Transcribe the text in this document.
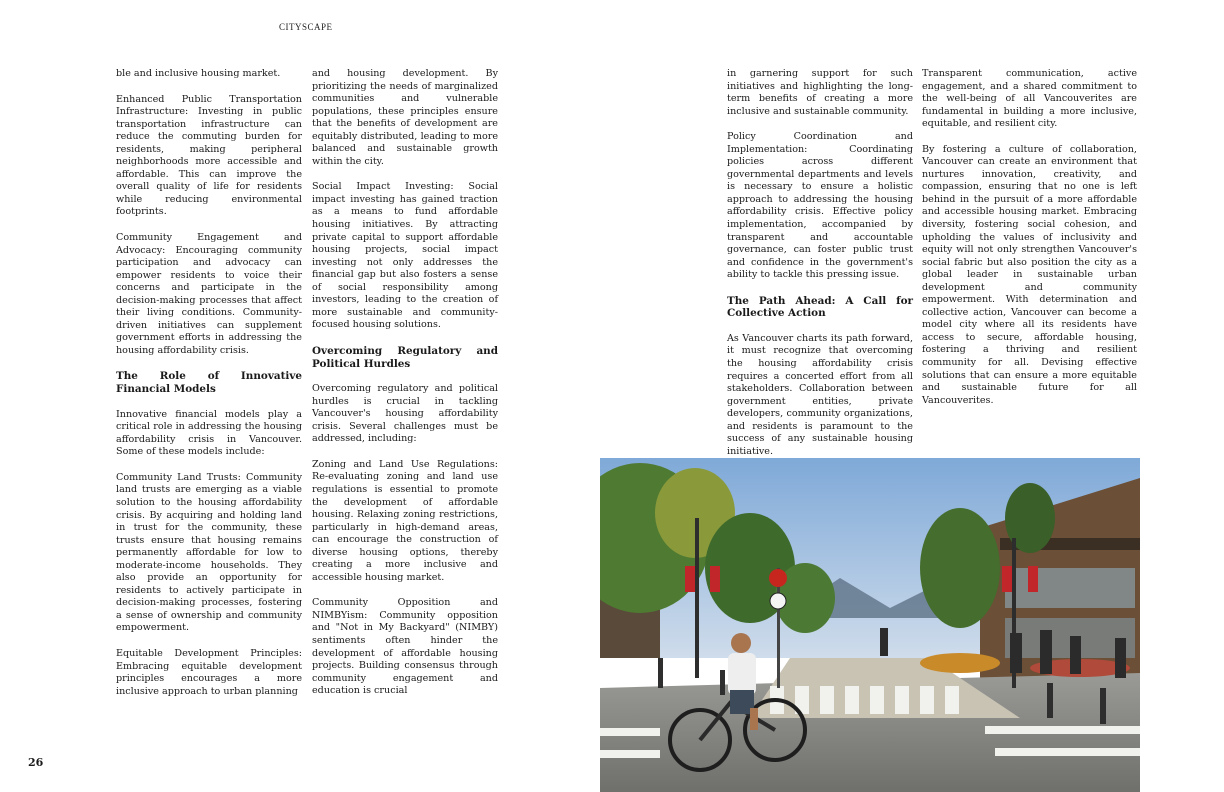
CITYSCAPE

ble and inclusive housing market.

Enhanced Public Transportation Infrastructure: Investing in public transportation infrastructure can reduce the commuting burden for residents, making peripheral neighborhoods more accessible and affordable. This can improve the overall quality of life for residents while reducing environmental footprints.

Community Engagement and Advocacy: Encouraging community participation and advocacy can empower residents to voice their concerns and participate in the decision-making processes that affect their living conditions. Community-driven initiatives can supplement government efforts in addressing the housing affordability crisis.

The Role of Innovative Financial Models

Innovative financial models play a critical role in addressing the housing affordability crisis in Vancouver. Some of these models include:

Community Land Trusts: Community land trusts are emerging as a viable solution to the housing affordability crisis. By acquiring and holding land in trust for the community, these trusts ensure that housing remains permanently affordable for low to moderate-income households. They also provide an opportunity for residents to actively participate in decision-making processes, fostering a sense of ownership and community empowerment.

Equitable Development Principles: Embracing equitable development principles encourages a more inclusive approach to urban planning

and housing development. By prioritizing the needs of marginalized communities and vulnerable populations, these principles ensure that the benefits of development are equitably distributed, leading to more balanced and sustainable growth within the city.

Social Impact Investing: Social impact investing has gained traction as a means to fund affordable housing initiatives. By attracting private capital to support affordable housing projects, social impact investing not only addresses the financial gap but also fosters a sense of social responsibility among investors, leading to the creation of more sustainable and community-focused housing solutions.

Overcoming Regulatory and Political Hurdles

Overcoming regulatory and political hurdles is crucial in tackling Vancouver's housing affordability crisis. Several challenges must be addressed, including:

Zoning and Land Use Regulations: Re-evaluating zoning and land use regulations is essential to promote the development of affordable housing. Relaxing zoning restrictions, particularly in high-demand areas, can encourage the construction of diverse housing options, thereby creating a more inclusive and accessible housing market.

Community Opposition and NIMBYism: Community opposition and "Not in My Backyard" (NIMBY) sentiments often hinder the development of affordable housing projects. Building consensus through community engagement and education is crucial

in garnering support for such initiatives and highlighting the long-term benefits of creating a more inclusive and sustainable community.

Policy Coordination and Implementation: Coordinating policies across different governmental departments and levels is necessary to ensure a holistic approach to addressing the housing affordability crisis. Effective policy implementation, accompanied by transparent and accountable governance, can foster public trust and confidence in the government's ability to tackle this pressing issue.

The Path Ahead: A Call for Collective Action

As Vancouver charts its path forward, it must recognize that overcoming the housing affordability crisis requires a concerted effort from all stakeholders. Collaboration between government entities, private developers, community organizations, and residents is paramount to the success of any sustainable housing initiative.

Transparent communication, active engagement, and a shared commitment to the well-being of all Vancouverites are fundamental in building a more inclusive, equitable, and resilient city.

By fostering a culture of collaboration, Vancouver can create an environment that nurtures innovation, creativity, and compassion, ensuring that no one is left behind in the pursuit of a more affordable and accessible housing market. Embracing diversity, fostering social cohesion, and upholding the values of inclusivity and equity will not only strengthen Vancouver's social fabric but also position the city as a global leader in sustainable urban development and community empowerment. With determination and collective action, Vancouver can become a model city where all its residents have access to secure, affordable housing, fostering a thriving and resilient community for all. Devising effective solutions that can ensure a more equitable and sustainable future for all Vancouverites.

26
